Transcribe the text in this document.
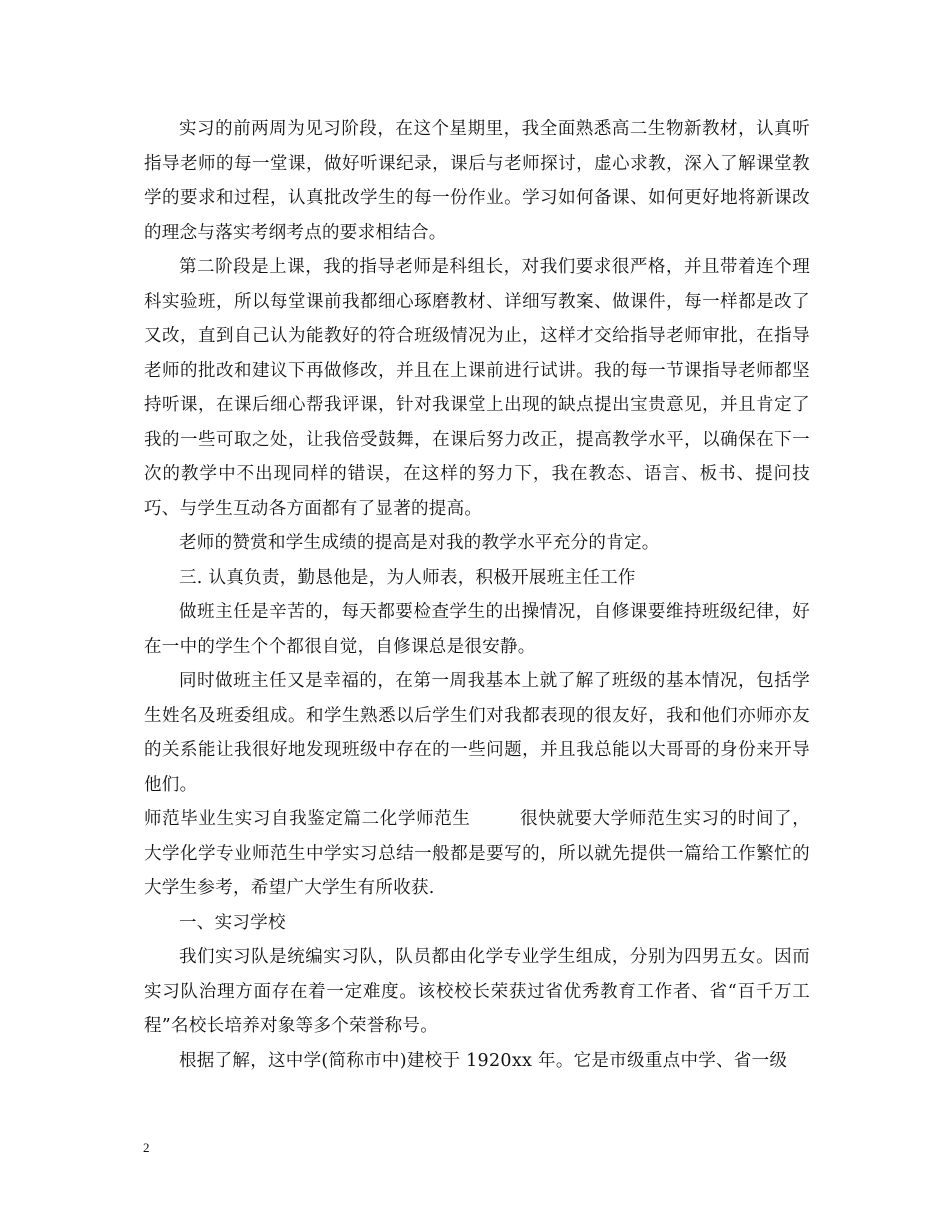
实习的前两周为见习阶段，在这个星期里，我全面熟悉高二生物新教材，认真听指导老师的每一堂课，做好听课纪录，课后与老师探讨，虚心求教，深入了解课堂教学的要求和过程，认真批改学生的每一份作业。学习如何备课、如何更好地将新课改的理念与落实考纲考点的要求相结合。

第二阶段是上课，我的指导老师是科组长，对我们要求很严格，并且带着连个理科实验班，所以每堂课前我都细心琢磨教材、详细写教案、做课件，每一样都是改了又改，直到自己认为能教好的符合班级情况为止，这样才交给指导老师审批，在指导老师的批改和建议下再做修改，并且在上课前进行试讲。我的每一节课指导老师都坚持听课，在课后细心帮我评课，针对我课堂上出现的缺点提出宝贵意见，并且肯定了我的一些可取之处，让我倍受鼓舞，在课后努力改正，提高教学水平，以确保在下一次的教学中不出现同样的错误，在这样的努力下，我在教态、语言、板书、提问技巧、与学生互动各方面都有了显著的提高。

老师的赞赏和学生成绩的提高是对我的教学水平充分的肯定。

三. 认真负责，勤恳他是，为人师表，积极开展班主任工作

做班主任是辛苦的，每天都要检查学生的出操情况，自修课要维持班级纪律，好在一中的学生个个都很自觉，自修课总是很安静。

同时做班主任又是幸福的，在第一周我基本上就了解了班级的基本情况，包括学生姓名及班委组成。和学生熟悉以后学生们对我都表现的很友好，我和他们亦师亦友的关系能让我很好地发现班级中存在的一些问题，并且我总能以大哥哥的身份来开导他们。

师范毕业生实习自我鉴定篇二化学师范生        很快就要大学师范生实习的时间了，大学化学专业师范生中学实习总结一般都是要写的，所以就先提供一篇给工作繁忙的大学生参考，希望广大学生有所收获.

一、实习学校

我们实习队是统编实习队，队员都由化学专业学生组成，分别为四男五女。因而实习队治理方面存在着一定难度。该校校长荣获过省优秀教育工作者、省“百千万工程”名校长培养对象等多个荣誉称号。

根据了解，这中学(简称市中)建校于 1920xx 年。它是市级重点中学、省一级

2
